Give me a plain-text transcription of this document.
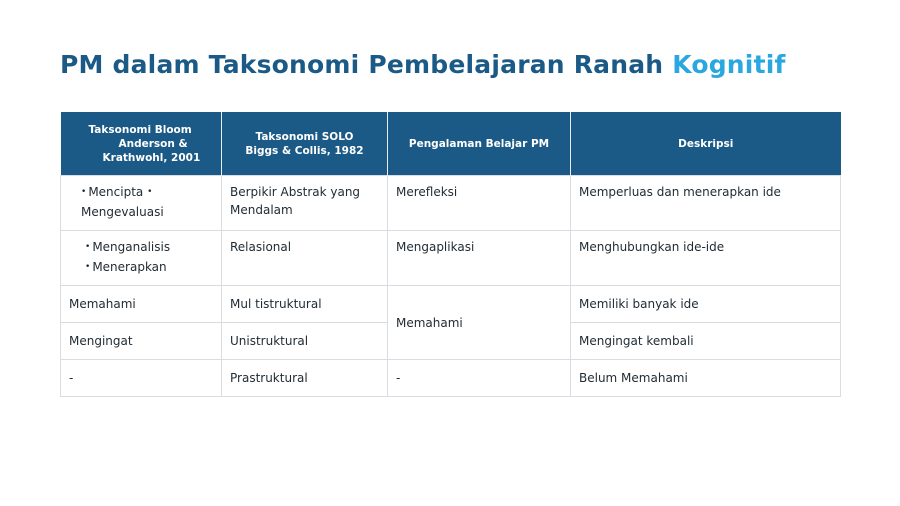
PM dalam Taksonomi Pembelajaran Ranah Kognitif
Taksonomi Bloom
Anderson &
Krathwohl, 2001	Taksonomi SOLO
Biggs & Collis, 1982	Pengalaman Belajar PM	Deskripsi

• Mencipta •
Mengevaluasi	Berpikir Abstrak yang Mendalam	Merefleksi	Memperluas dan menerapkan ide

• Menganalisis
• Menerapkan	Relasional	Mengaplikasi	Menghubungkan ide-ide
Memahami	Mul tistruktural	Memahami	Memiliki banyak ide
Mengingat	Unistruktural		Mengingat kembali
-	Prastruktural	-	Belum Memahami
